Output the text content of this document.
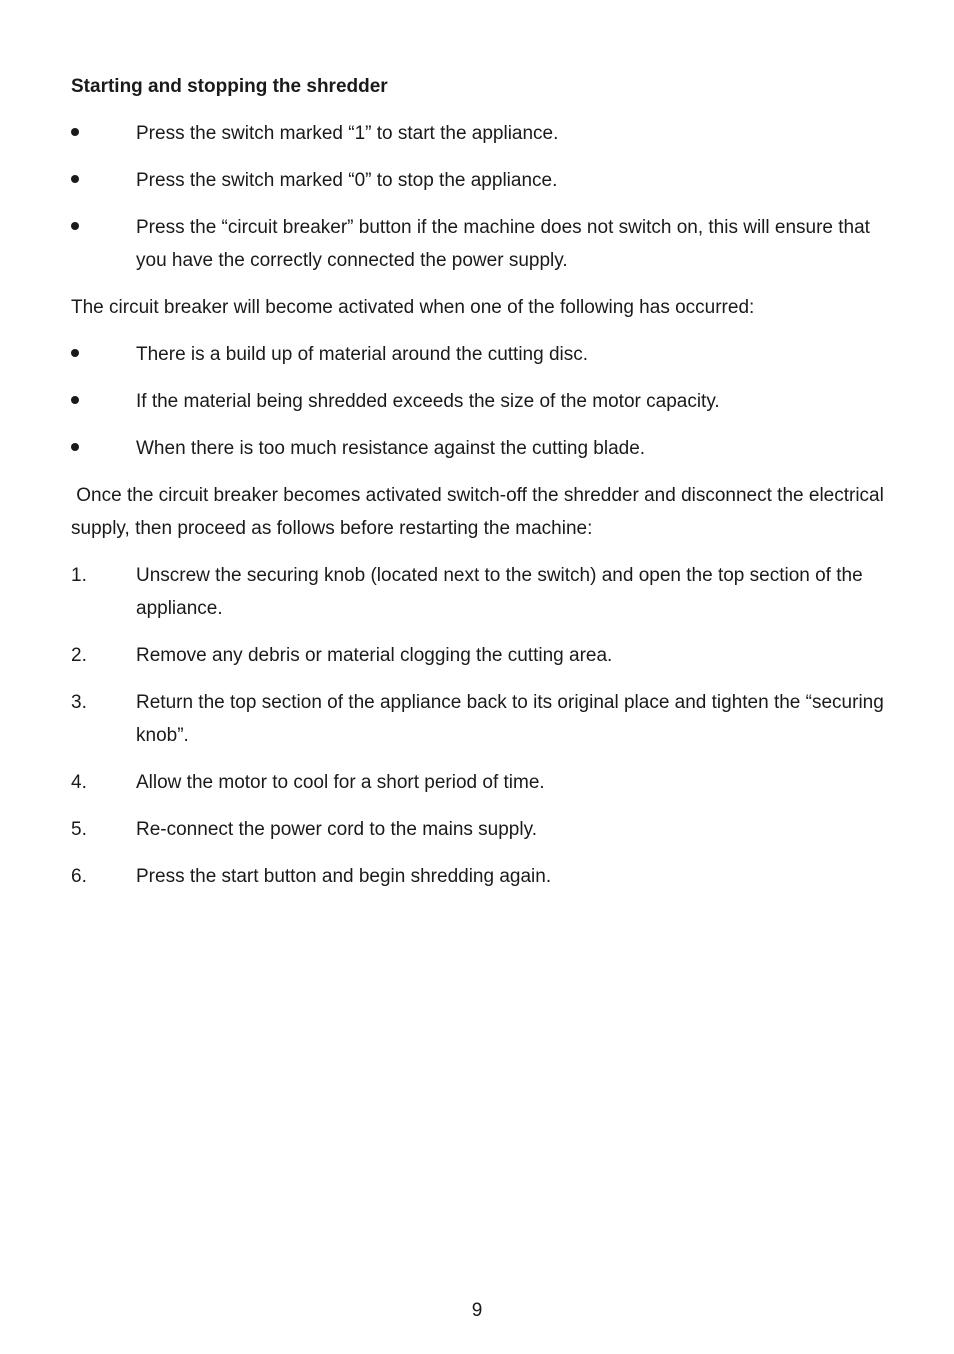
Starting and stopping the shredder
Press the switch marked “1” to start the appliance.
Press the switch marked “0” to stop the appliance.
Press the “circuit breaker” button if the machine does not switch on, this will ensure that you have the correctly connected the power supply.
The circuit breaker will become activated when one of the following has occurred:
There is a build up of material around the cutting disc.
If the material being shredded exceeds the size of the motor capacity.
When there is too much resistance against the cutting blade.
Once the circuit breaker becomes activated switch-off the shredder and disconnect the electrical supply, then proceed as follows before restarting the machine:
1.	Unscrew the securing knob (located next to the switch) and open the top section of the appliance.
2.	Remove any debris or material clogging the cutting area.
3.	Return the top section of the appliance back to its original place and tighten the “securing knob”.
4.	Allow the motor to cool for a short period of time.
5.	Re-connect the power cord to the mains supply.
6.	Press the start button and begin shredding again.
9
